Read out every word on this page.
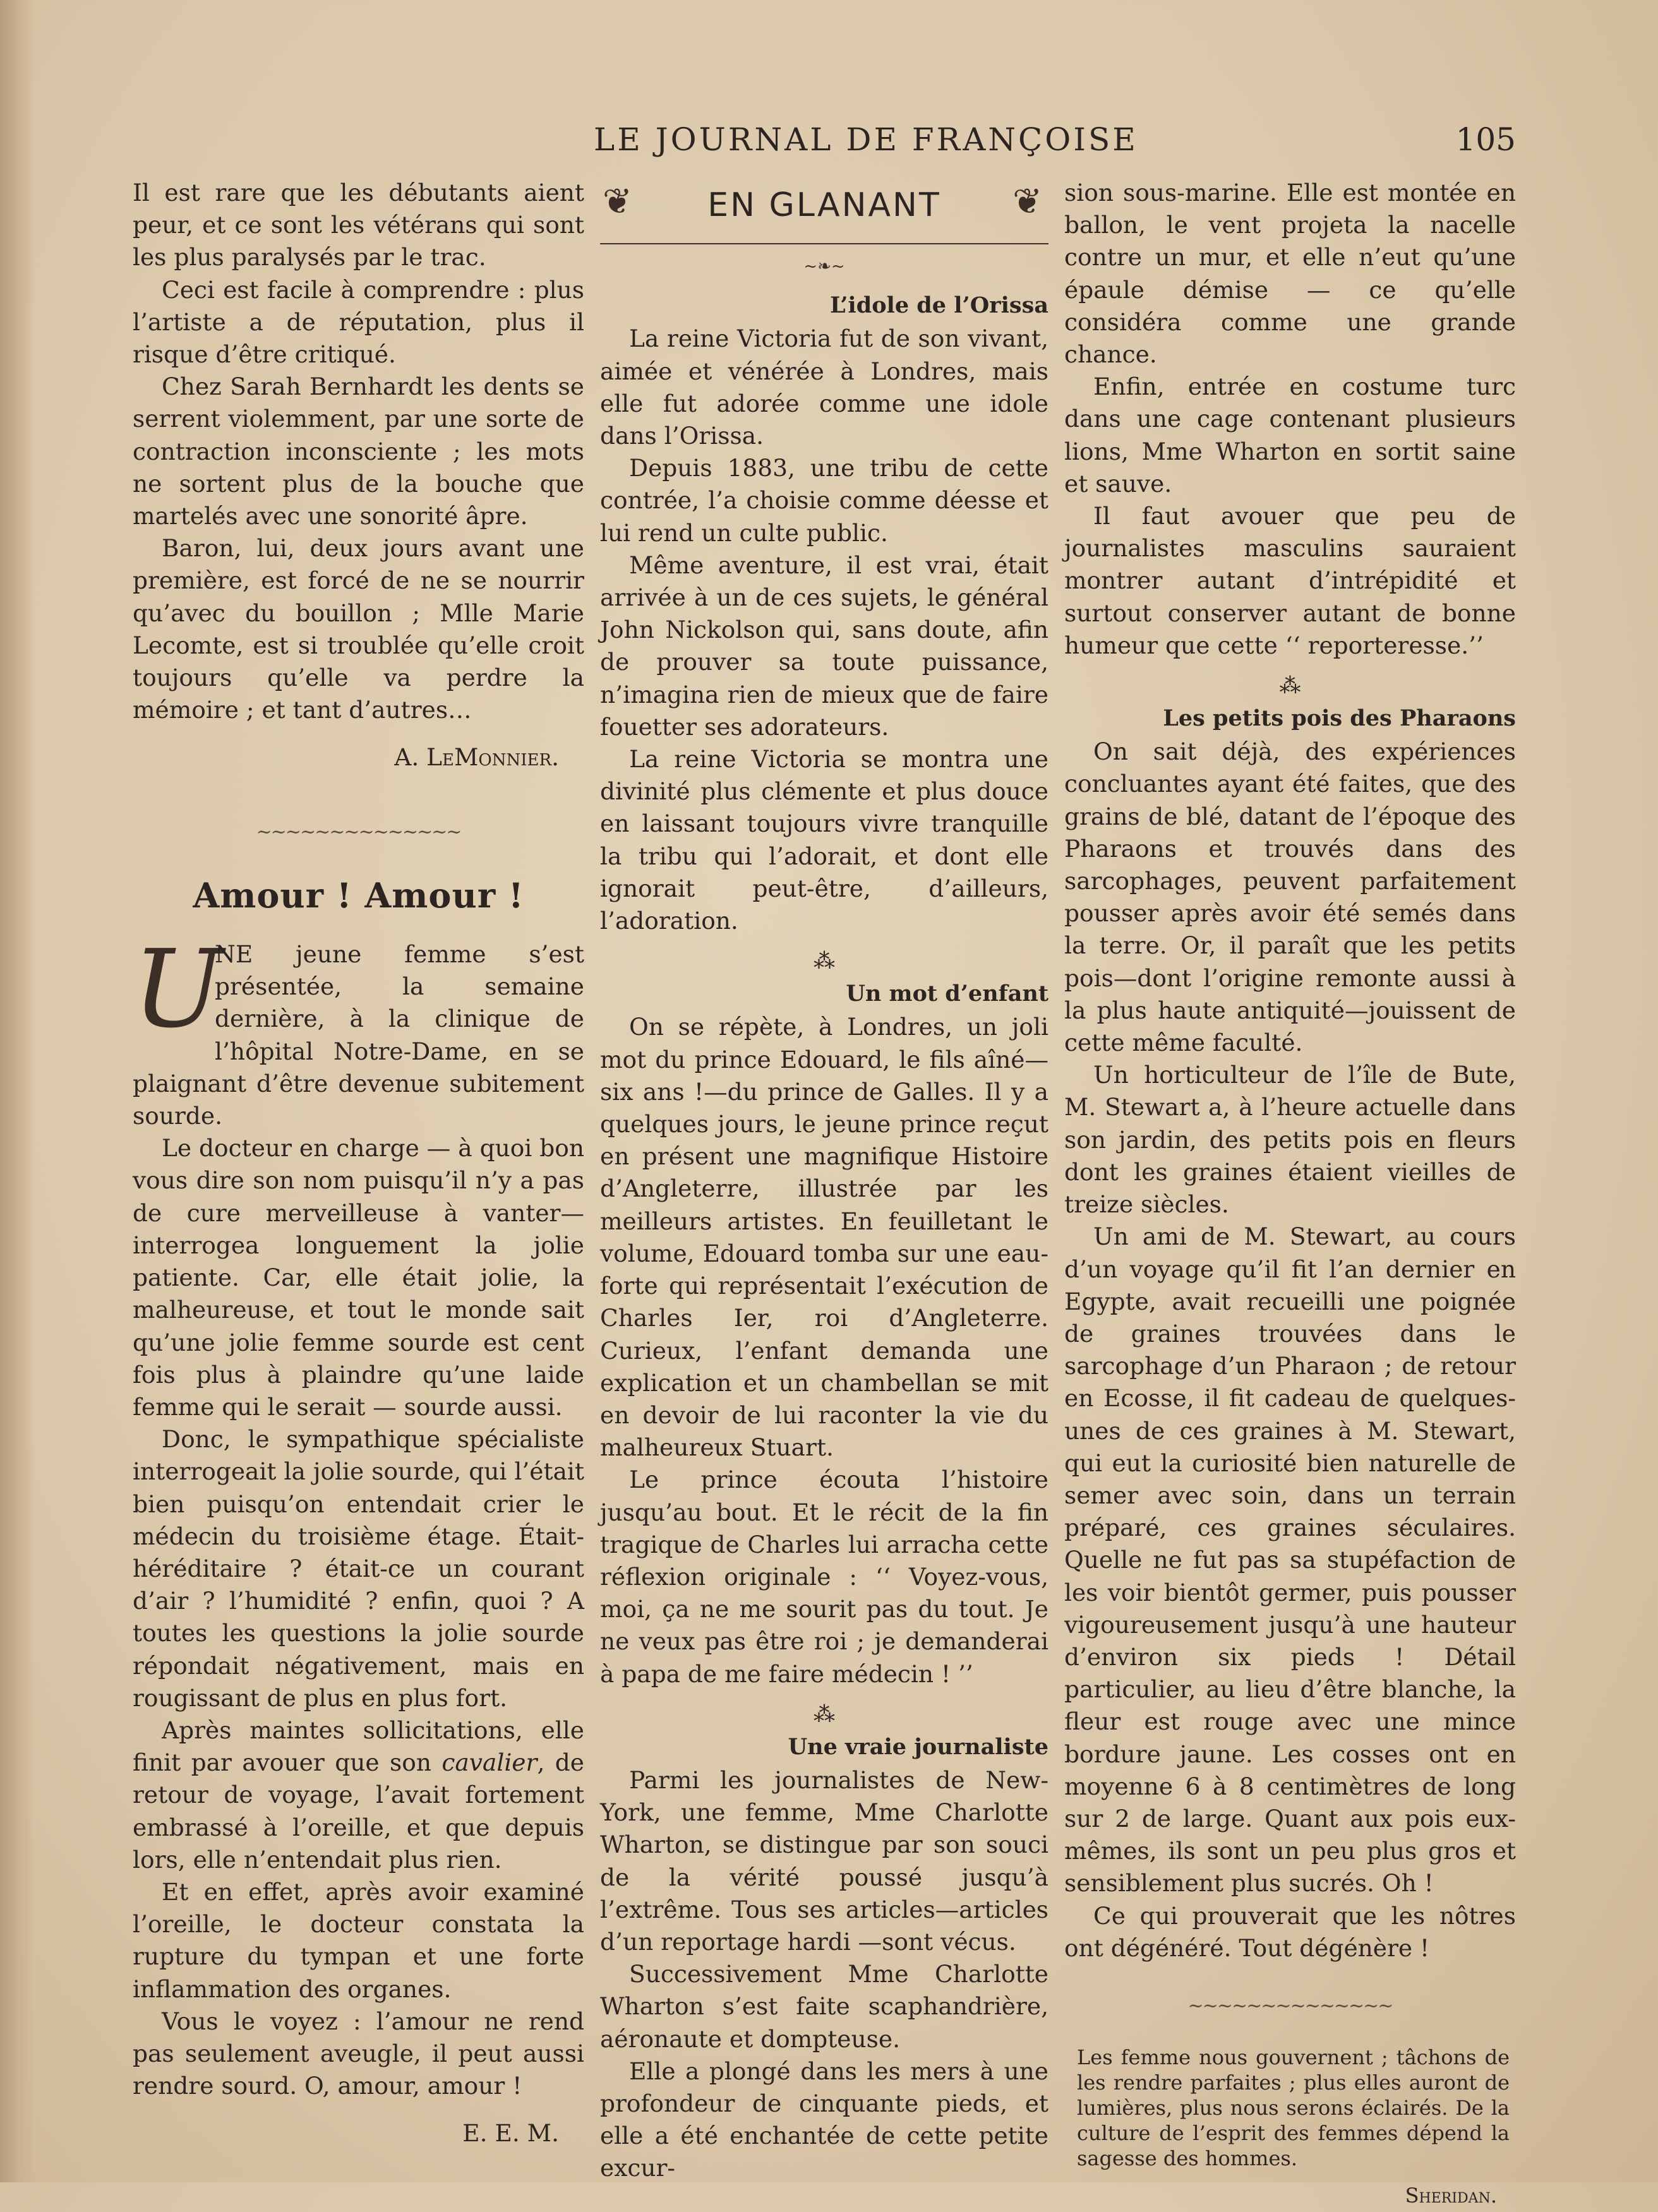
LE JOURNAL DE FRANÇOISE	105

Il est rare que les débutants aient peur, et ce sont les vétérans qui sont les plus paralysés par le trac.

Ceci est facile à comprendre : plus l’artiste a de réputation, plus il risque d’être critiqué.

Chez Sarah Bernhardt les dents se serrent violemment, par une sorte de contraction inconsciente ; les mots ne sortent plus de la bouche que martelés avec une sonorité âpre.

Baron, lui, deux jours avant une première, est forcé de ne se nourrir qu’avec du bouillon ; Mlle Marie Lecomte, est si troublée qu’elle croit toujours qu’elle va perdre la mémoire ; et tant d’autres…

A. LeMonnier.

~~~~~~~~~~~~~~
Amour ! Amour !
U

NE jeune femme s’est présentée, la semaine dernière, à la clinique de l’hôpital Notre-Dame, en se plaignant d’être devenue subitement sourde.

Le docteur en charge — à quoi bon vous dire son nom puisqu’il n’y a pas de cure merveilleuse à vanter— interrogea longuement la jolie patiente. Car, elle était jolie, la malheureuse, et tout le monde sait qu’une jolie femme sourde est cent fois plus à plaindre qu’une laide femme qui le serait — sourde aussi.

Donc, le sympathique spécialiste interrogeait la jolie sourde, qui l’était bien puisqu’on entendait crier le médecin du troisième étage. Était-héréditaire ? était-ce un courant d’air ? l’humidité ? enfin, quoi ? A toutes les questions la jolie sourde répondait négativement, mais en rougissant de plus en plus fort.

Après maintes sollicitations, elle finit par avouer que son cavalier, de retour de voyage, l’avait fortement embrassé à l’oreille, et que depuis lors, elle n’entendait plus rien.

Et en effet, après avoir examiné l’oreille, le docteur constata la rupture du tympan et une forte inflammation des organes.

Vous le voyez : l’amour ne rend pas seulement aveugle, il peut aussi rendre sourd. O, amour, amour !

E. E. M.

❦	EN GLANANT	❦
~❧~
L’idole de l’Orissa

La reine Victoria fut de son vivant, aimée et vénérée à Londres, mais elle fut adorée comme une idole dans l’Orissa.

Depuis 1883, une tribu de cette contrée, l’a choisie comme déesse et lui rend un culte public.

Même aventure, il est vrai, était arrivée à un de ces sujets, le général John Nickolson qui, sans doute, afin de prouver sa toute puissance, n’imagina rien de mieux que de faire fouetter ses adorateurs.

La reine Victoria se montra une divinité plus clémente et plus douce en laissant toujours vivre tranquille la tribu qui l’adorait, et dont elle ignorait peut-être, d’ailleurs, l’adoration.

⁂
Un mot d’enfant

On se répète, à Londres, un joli mot du prince Edouard, le fils aîné— six ans !—du prince de Galles. Il y a quelques jours, le jeune prince reçut en présent une magnifique Histoire d’Angleterre, illustrée par les meilleurs artistes. En feuilletant le volume, Edouard tomba sur une eau-forte qui représentait l’exécution de Charles Ier, roi d’Angleterre. Curieux, l’enfant demanda une explication et un chambellan se mit en devoir de lui raconter la vie du malheureux Stuart.

Le prince écouta l’histoire jusqu’au bout. Et le récit de la fin tragique de Charles lui arracha cette réflexion originale : ‘‘ Voyez-vous, moi, ça ne me sourit pas du tout. Je ne veux pas être roi ; je demanderai à papa de me faire médecin ! ’’

⁂
Une vraie journaliste

Parmi les journalistes de New-York, une femme, Mme Charlotte Wharton, se distingue par son souci de la vérité poussé jusqu’à l’extrême. Tous ses articles—articles d’un reportage hardi —sont vécus.

Successivement Mme Charlotte Wharton s’est faite scaphandrière, aéronaute et dompteuse.

Elle a plongé dans les mers à une profondeur de cinquante pieds, et elle a été enchantée de cette petite excur-

sion sous-marine. Elle est montée en ballon, le vent projeta la nacelle contre un mur, et elle n’eut qu’une épaule démise — ce qu’elle considéra comme une grande chance.

Enfin, entrée en costume turc dans une cage contenant plusieurs lions, Mme Wharton en sortit saine et sauve.

Il faut avouer que peu de journalistes masculins sauraient montrer autant d’intrépidité et surtout conserver autant de bonne humeur que cette ‘‘ reporteresse.’’

⁂
Les petits pois des Pharaons

On sait déjà, des expériences concluantes ayant été faites, que des grains de blé, datant de l’époque des Pharaons et trouvés dans des sarcophages, peuvent parfaitement pousser après avoir été semés dans la terre. Or, il paraît que les petits pois—dont l’origine remonte aussi à la plus haute antiquité—jouissent de cette même faculté.

Un horticulteur de l’île de Bute, M. Stewart a, à l’heure actuelle dans son jardin, des petits pois en fleurs dont les graines étaient vieilles de treize siècles.

Un ami de M. Stewart, au cours d’un voyage qu’il fit l’an dernier en Egypte, avait recueilli une poignée de graines trouvées dans le sarcophage d’un Pharaon ; de retour en Ecosse, il fit cadeau de quelques-unes de ces graines à M. Stewart, qui eut la curiosité bien naturelle de semer avec soin, dans un terrain préparé, ces graines séculaires. Quelle ne fut pas sa stupéfaction de les voir bientôt germer, puis pousser vigoureusement jusqu’à une hauteur d’environ six pieds ! Détail particulier, au lieu d’être blanche, la fleur est rouge avec une mince bordure jaune. Les cosses ont en moyenne 6 à 8 centimètres de long sur 2 de large. Quant aux pois eux-mêmes, ils sont un peu plus gros et sensiblement plus sucrés. Oh !

Ce qui prouverait que les nôtres ont dégénéré. Tout dégénère !

~~~~~~~~~~~~~~

Les femme nous gouvernent ; tâchons de les rendre parfaites ; plus elles auront de lumières, plus nous serons éclairés. De la culture de l’esprit des femmes dépend la sagesse des hommes.

Sheridan.
